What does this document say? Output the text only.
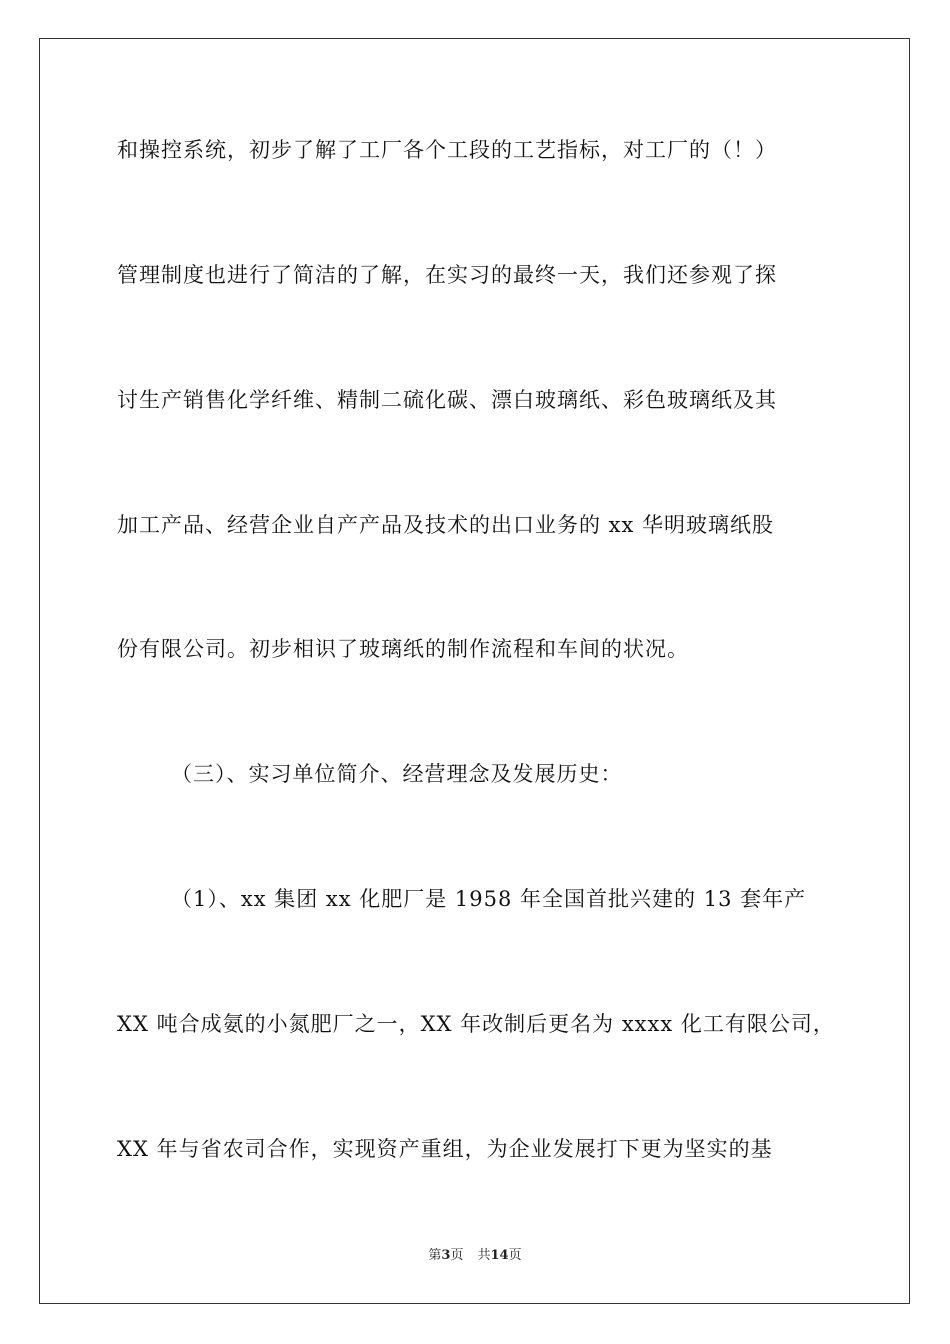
和操控系统，初步了解了工厂各个工段的工艺指标，对工厂的（！）
管理制度也进行了简洁的了解，在实习的最终一天，我们还参观了探
讨生产销售化学纤维、精制二硫化碳、漂白玻璃纸、彩色玻璃纸及其
加工产品、经营企业自产产品及技术的出口业务的 xx 华明玻璃纸股
份有限公司。初步相识了玻璃纸的制作流程和车间的状况。
（三）、实习单位简介、经营理念及发展历史：
（1）、xx 集团 xx 化肥厂是 1958 年全国首批兴建的 13 套年产
XX 吨合成氨的小氮肥厂之一，XX 年改制后更名为 xxxx 化工有限公司，
XX 年与省农司合作，实现资产重组，为企业发展打下更为坚实的基
第3页 共14页
